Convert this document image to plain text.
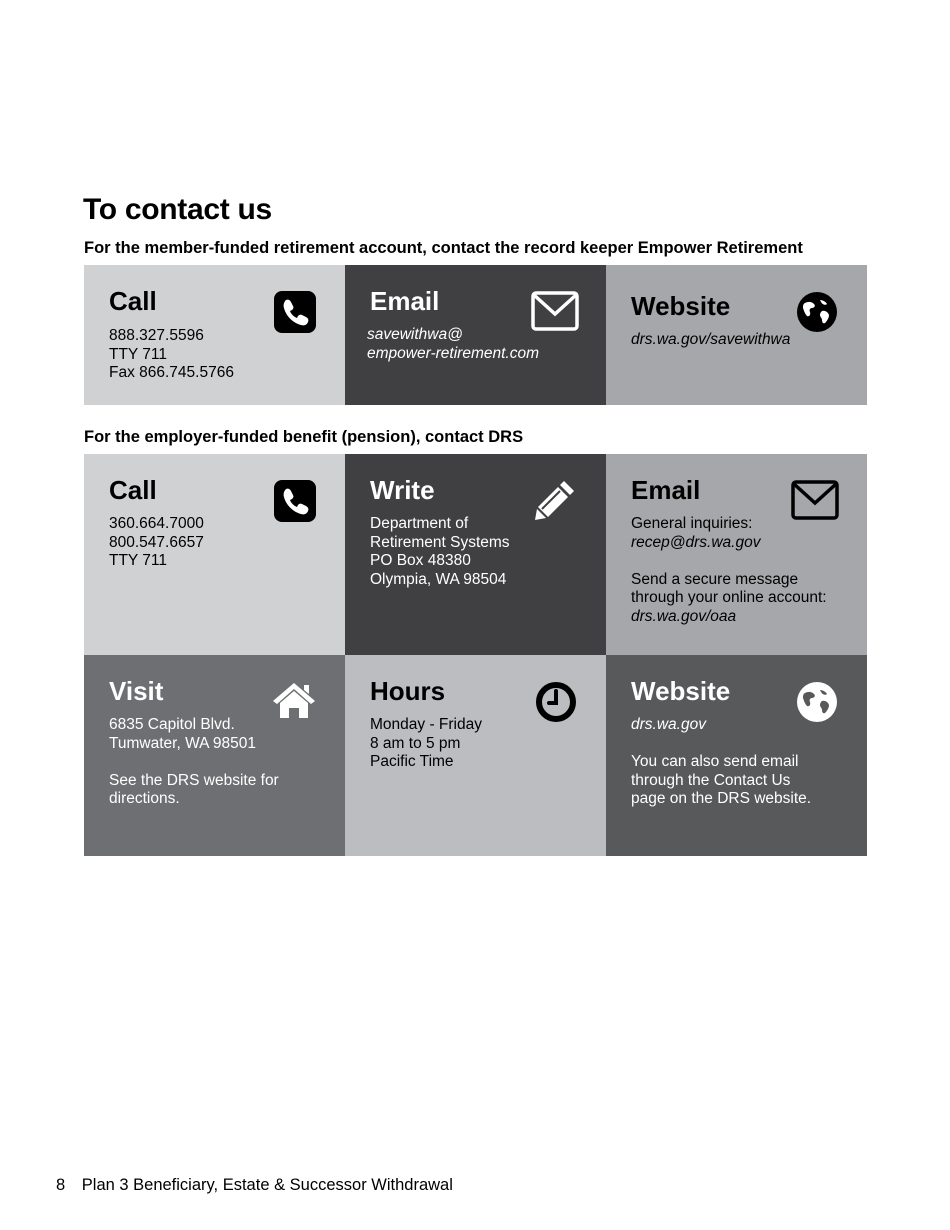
To contact us

For the member-funded retirement account, contact the record keeper Empower Retirement

Call
888.327.5596
TTY 711
Fax 866.745.5766
Email
savewithwa@
empower-retirement.com
Website
drs.wa.gov/savewithwa

For the employer-funded benefit (pension), contact DRS

Call
360.664.7000
800.547.6657
TTY 711
Write
Department of
Retirement Systems
PO Box 48380
Olympia, WA 98504
Email
General inquiries:
recep@drs.wa.gov
Send a secure message
through your online account:
drs.wa.gov/oaa
Visit
6835 Capitol Blvd.
Tumwater, WA 98501
See the DRS website for
directions.
Hours
Monday - Friday
8 am to 5 pm
Pacific Time
Website
drs.wa.gov
You can also send email
through the Contact Us
page on the DRS website.
8 Plan 3 Beneficiary, Estate & Successor Withdrawal
